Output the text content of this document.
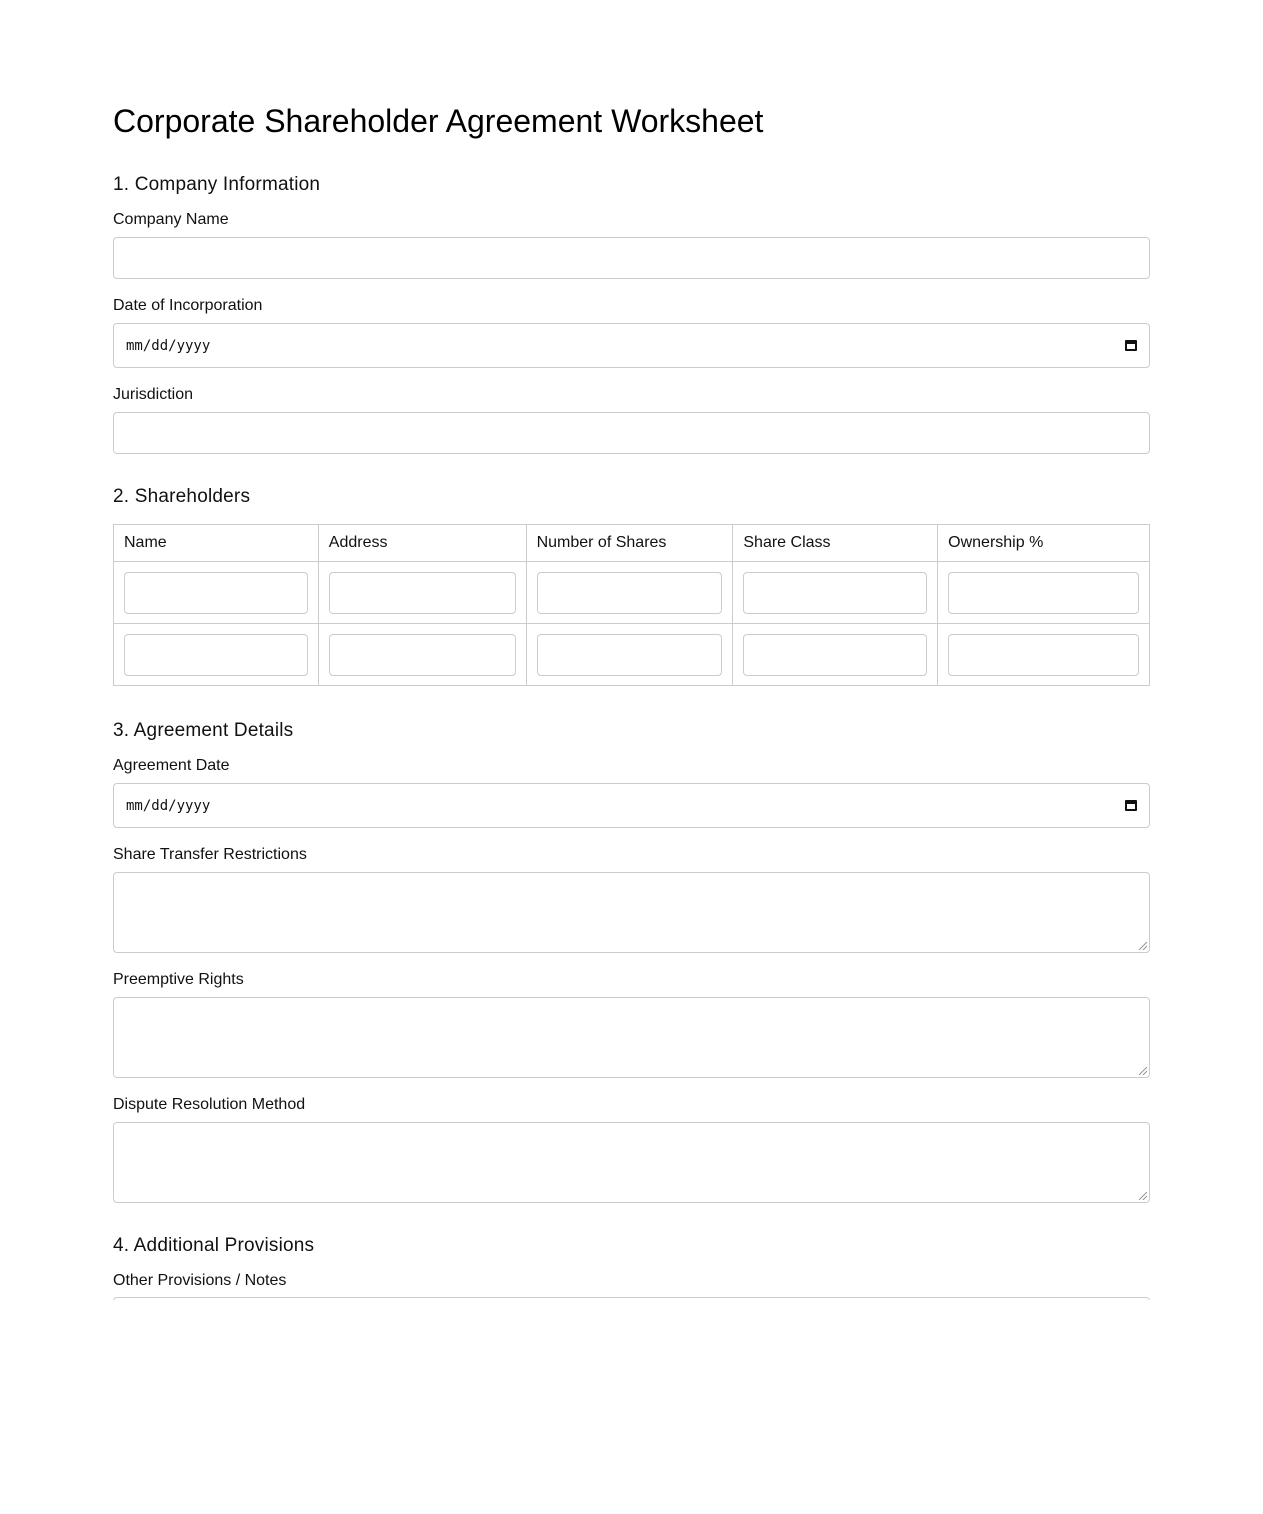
Corporate Shareholder Agreement Worksheet
1. Company Information
Company Name
Date of Incorporation
mm/dd/yyyy
Jurisdiction
2. Shareholders
Name	Address	Number of Shares	Share Class	Ownership %

3. Agreement Details
Agreement Date
mm/dd/yyyy
Share Transfer Restrictions
Preemptive Rights
Dispute Resolution Method
4. Additional Provisions
Other Provisions / Notes
